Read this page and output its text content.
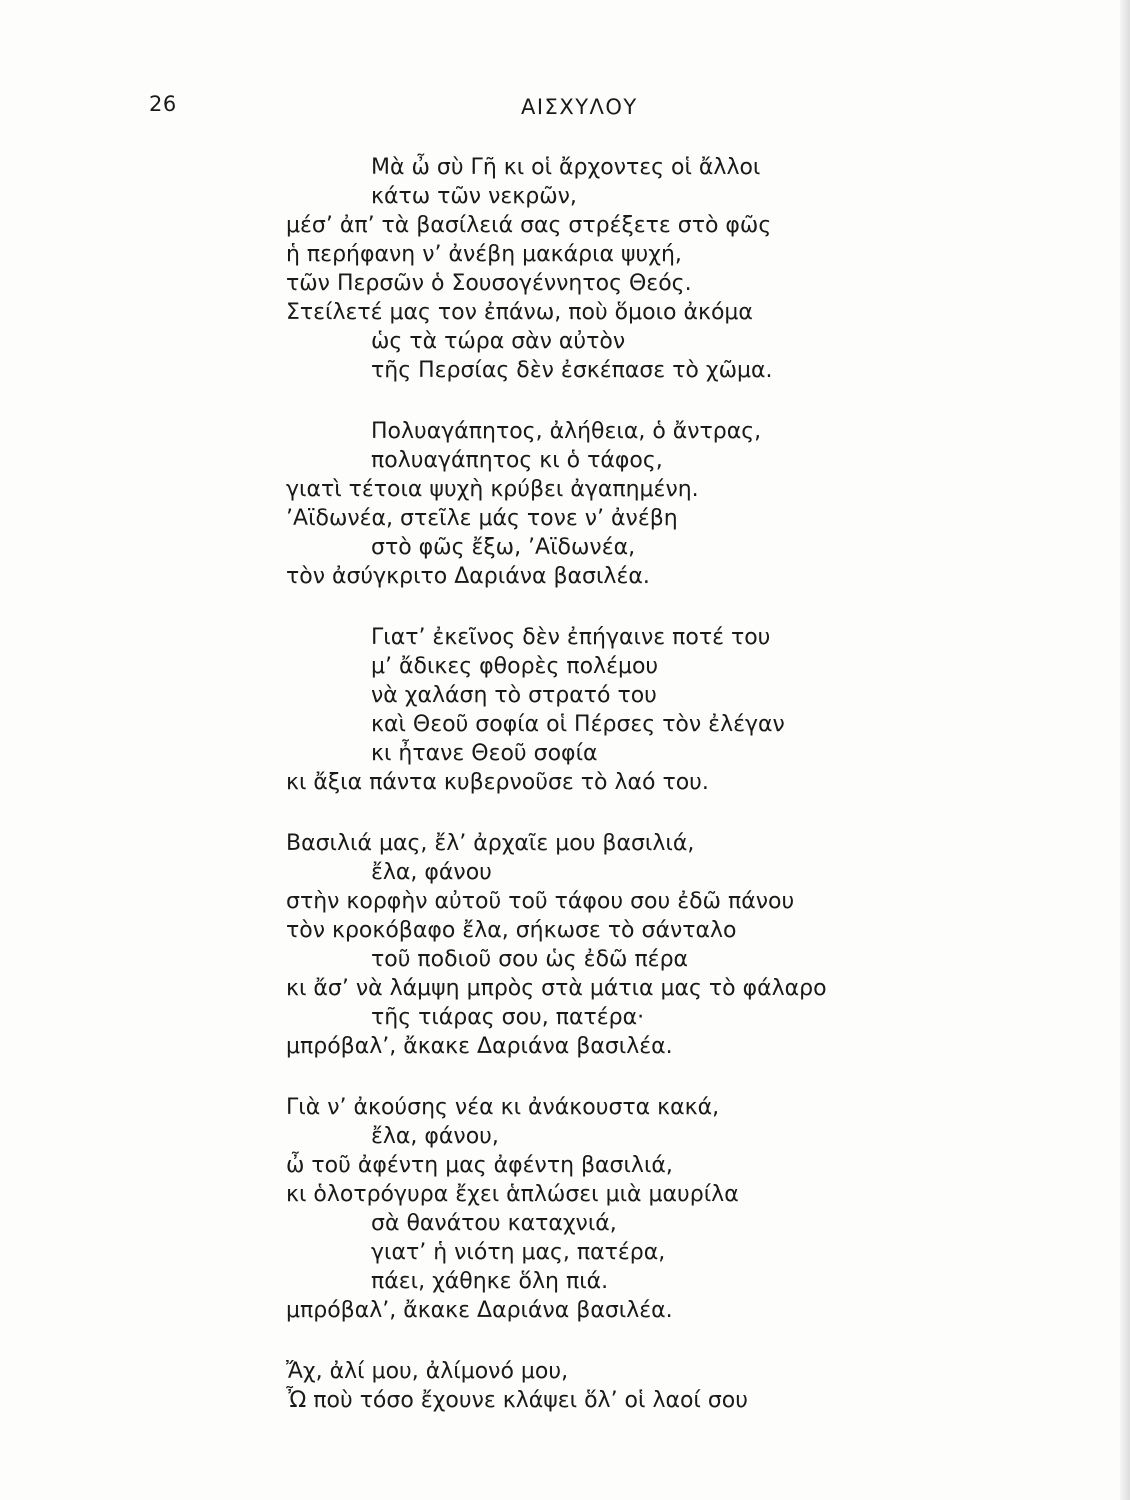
26	ΑΙΣΧΥΛΟΥ
Μὰ ὦ σὺ Γῆ κι οἱ ἄρχοντες οἱ ἄλλοι
κάτω τῶν νεκρῶν,
μέσ’ ἀπ’ τὰ βασίλειά σας στρέξετε στὸ φῶς
ἡ περήφανη ν’ ἀνέβη μακάρια ψυχή,
τῶν Περσῶν ὁ Σουσογέννητος Θεός.
Στείλετέ μας τον ἐπάνω, ποὺ ὅμοιο ἀκόμα
ὡς τὰ τώρα σὰν αὐτὸν
τῆς Περσίας δὲν ἐσκέπασε τὸ χῶμα.
Πολυαγάπητος, ἀλήθεια, ὁ ἄντρας,
πολυαγάπητος κι ὁ τάφος,
γιατὶ τέτοια ψυχὴ κρύβει ἀγαπημένη.
’Αϊδωνέα, στεῖλε μάς τονε ν’ ἀνέβη
στὸ φῶς ἔξω, ’Αϊδωνέα,
τὸν ἀσύγκριτο Δαριάνα βασιλέα.
Γιατ’ ἐκεῖνος δὲν ἐπήγαινε ποτέ του
μ’ ἄδικες φθορὲς πολέμου
νὰ χαλάση τὸ στρατό του
καὶ Θεοῦ σοφία οἱ Πέρσες τὸν ἐλέγαν
κι ἦτανε Θεοῦ σοφία
κι ἄξια πάντα κυβερνοῦσε τὸ λαό του.
Βασιλιά μας, ἔλ’ ἀρχαῖε μου βασιλιά,
ἔλα, φάνου
στὴν κορφὴν αὐτοῦ τοῦ τάφου σου ἐδῶ πάνου
τὸν κροκόβαφο ἔλα, σήκωσε τὸ σάνταλο
τοῦ ποδιοῦ σου ὡς ἐδῶ πέρα
κι ἄσ’ νὰ λάμψη μπρὸς στὰ μάτια μας τὸ φάλαρο
τῆς τιάρας σου, πατέρα·
μπρόβαλ’, ἄκακε Δαριάνα βασιλέα.
Γιὰ ν’ ἀκούσης νέα κι ἀνάκουστα κακά,
ἔλα, φάνου,
ὦ τοῦ ἀφέντη μας ἀφέντη βασιλιά,
κι ὁλοτρόγυρα ἔχει ἁπλώσει μιὰ μαυρίλα
σὰ θανάτου καταχνιά,
γιατ’ ἡ νιότη μας, πατέρα,
πάει, χάθηκε ὅλη πιά.
μπρόβαλ’, ἄκακε Δαριάνα βασιλέα.
Ἄχ, ἀλί μου, ἀλίμονό μου,
Ὦ ποὺ τόσο ἔχουνε κλάψει ὅλ’ οἱ λαοί σου
